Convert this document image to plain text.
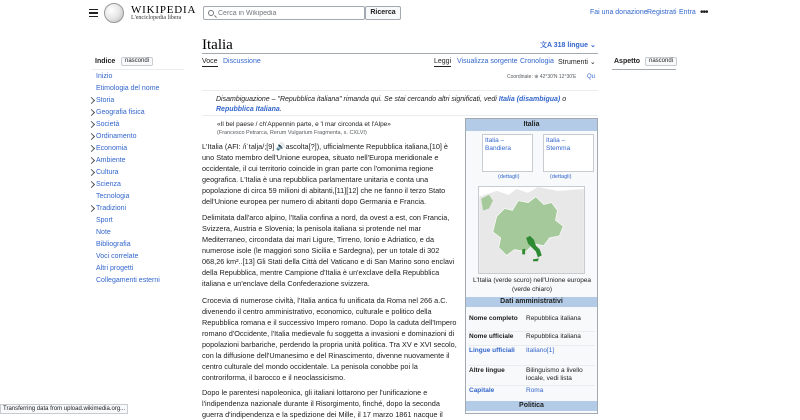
WIKIPEDIA
L'enciclopedia libera
Cerca in Wikipedia
Ricerca	Fai una donazione Registrati Entra •••
Indice	nascondi
Inizio
Etimologia del nome
Storia
Geografia fisica
Società
Ordinamento
Economia
Ambiente
Cultura
Scienza
Tecnologia
Tradizioni
Sport
Note
Bibliografia
Voci correlate
Altri progetti
Collegamenti esterni
Italia	文A 318 lingue ⌄
Voce Discussione	Leggi Visualizza sorgente Cronologia Strumenti ⌄
Coordinate: ⊕ 42°30′N 12°30′E Qu
Aspetto	nascondi
Disambiguazione – "Repubblica italiana" rimanda qui. Se stai cercando altri significati, vedi Italia (disambigua) o Repubblica Italiana.
«Il bel paese / ch'Appennin parte, e 'l mar circonda et l'Alpe»
(Francesco Petrarca, Rerum Vulgarium Fragmenta, s. CXLVI)
L'Italia (AFI: /iˈtalja/;[9] 🔊ascolta[?]), ufficialmente Repubblica italiana,[10] è uno Stato membro dell'Unione europea, situato nell'Europa meridionale e occidentale, il cui territorio coincide in gran parte con l'omonima regione geografica. L'Italia è una repubblica parlamentare unitaria e conta una popolazione di circa 59 milioni di abitanti,[11][12] che ne fanno il terzo Stato dell'Unione europea per numero di abitanti dopo Germania e Francia.
Delimitata dall'arco alpino, l'Italia confina a nord, da ovest a est, con Francia, Svizzera, Austria e Slovenia; la penisola italiana si protende nel mar Mediterraneo, circondata dai mari Ligure, Tirreno, Ionio e Adriatico, e da numerose isole (le maggiori sono Sicilia e Sardegna), per un totale di 302 068,26 km²..[13] Gli Stati della Città del Vaticano e di San Marino sono enclavi della Repubblica, mentre Campione d'Italia è un'exclave della Repubblica italiana e un'enclave della Confederazione svizzera.
Crocevia di numerose civiltà, l'Italia antica fu unificata da Roma nel 266 a.C. divenendo il centro amministrativo, economico, culturale e politico della Repubblica romana e il successivo Impero romano. Dopo la caduta dell'Impero romano d'Occidente, l'Italia medievale fu soggetta a invasioni e dominazioni di popolazioni barbariche, perdendo la propria unità politica. Tra XV e XVI secolo, con la diffusione dell'Umanesimo e del Rinascimento, divenne nuovamente il centro culturale del mondo occidentale. La penisola conobbe poi la controriforma, il barocco e il neoclassicismo.
Dopo le parentesi napoleonica, gli italiani lottarono per l'unificazione e l'indipendenza nazionale durante il Risorgimento, finché, dopo la seconda guerra d'indipendenza e la spedizione dei Mille, il 17 marzo 1861 nacque il
Italia
Italia – Bandiera
Italia – Stemma
(dettagli)	(dettagli)
L'Italia (verde scuro) nell'Unione europea (verde chiaro)
Dati amministrativi
Nome completo	Repubblica italiana
Nome ufficiale	Repubblica italiana
Lingue ufficiali	Italiano[1]
Altre lingue	Bilinguismo a livello locale, vedi lista
Capitale	Roma
Politica
Transferring data from upload.wikimedia.org...
